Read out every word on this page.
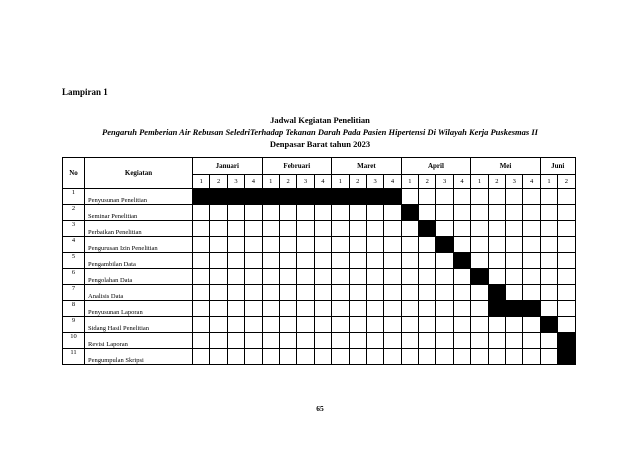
Lampiran 1
Jadwal Kegiatan Penelitian
Pengaruh Pemberian Air Rebusan SeledriTerhadap Tekanan Darah Pada Pasien Hipertensi Di Wilayah Kerja Puskesmas II
Denpasar Barat tahun 2023
No	Kegiatan	Januari				Februari				Maret				April				Mei				Juni	
		1	2	3	4	1	2	3	4	1	2	3	4	1	2	3	4	1	2	3	4	1	2
1	Penyusunan Penelitian																						
2	Seminar Penelitian																						
3	Perbaikan Penelitian																						
4	Pengurusan Izin Penelitian																						
5	Pengambilan Data																						
6	Pengolahan Data																						
7	Analisis Data																						
8	Penyusunan Laporan																						
9	Sidang Hasil Penelitian																						
10	Revisi Laporan																						
11	Pengumpulan Skripsi																						
65
